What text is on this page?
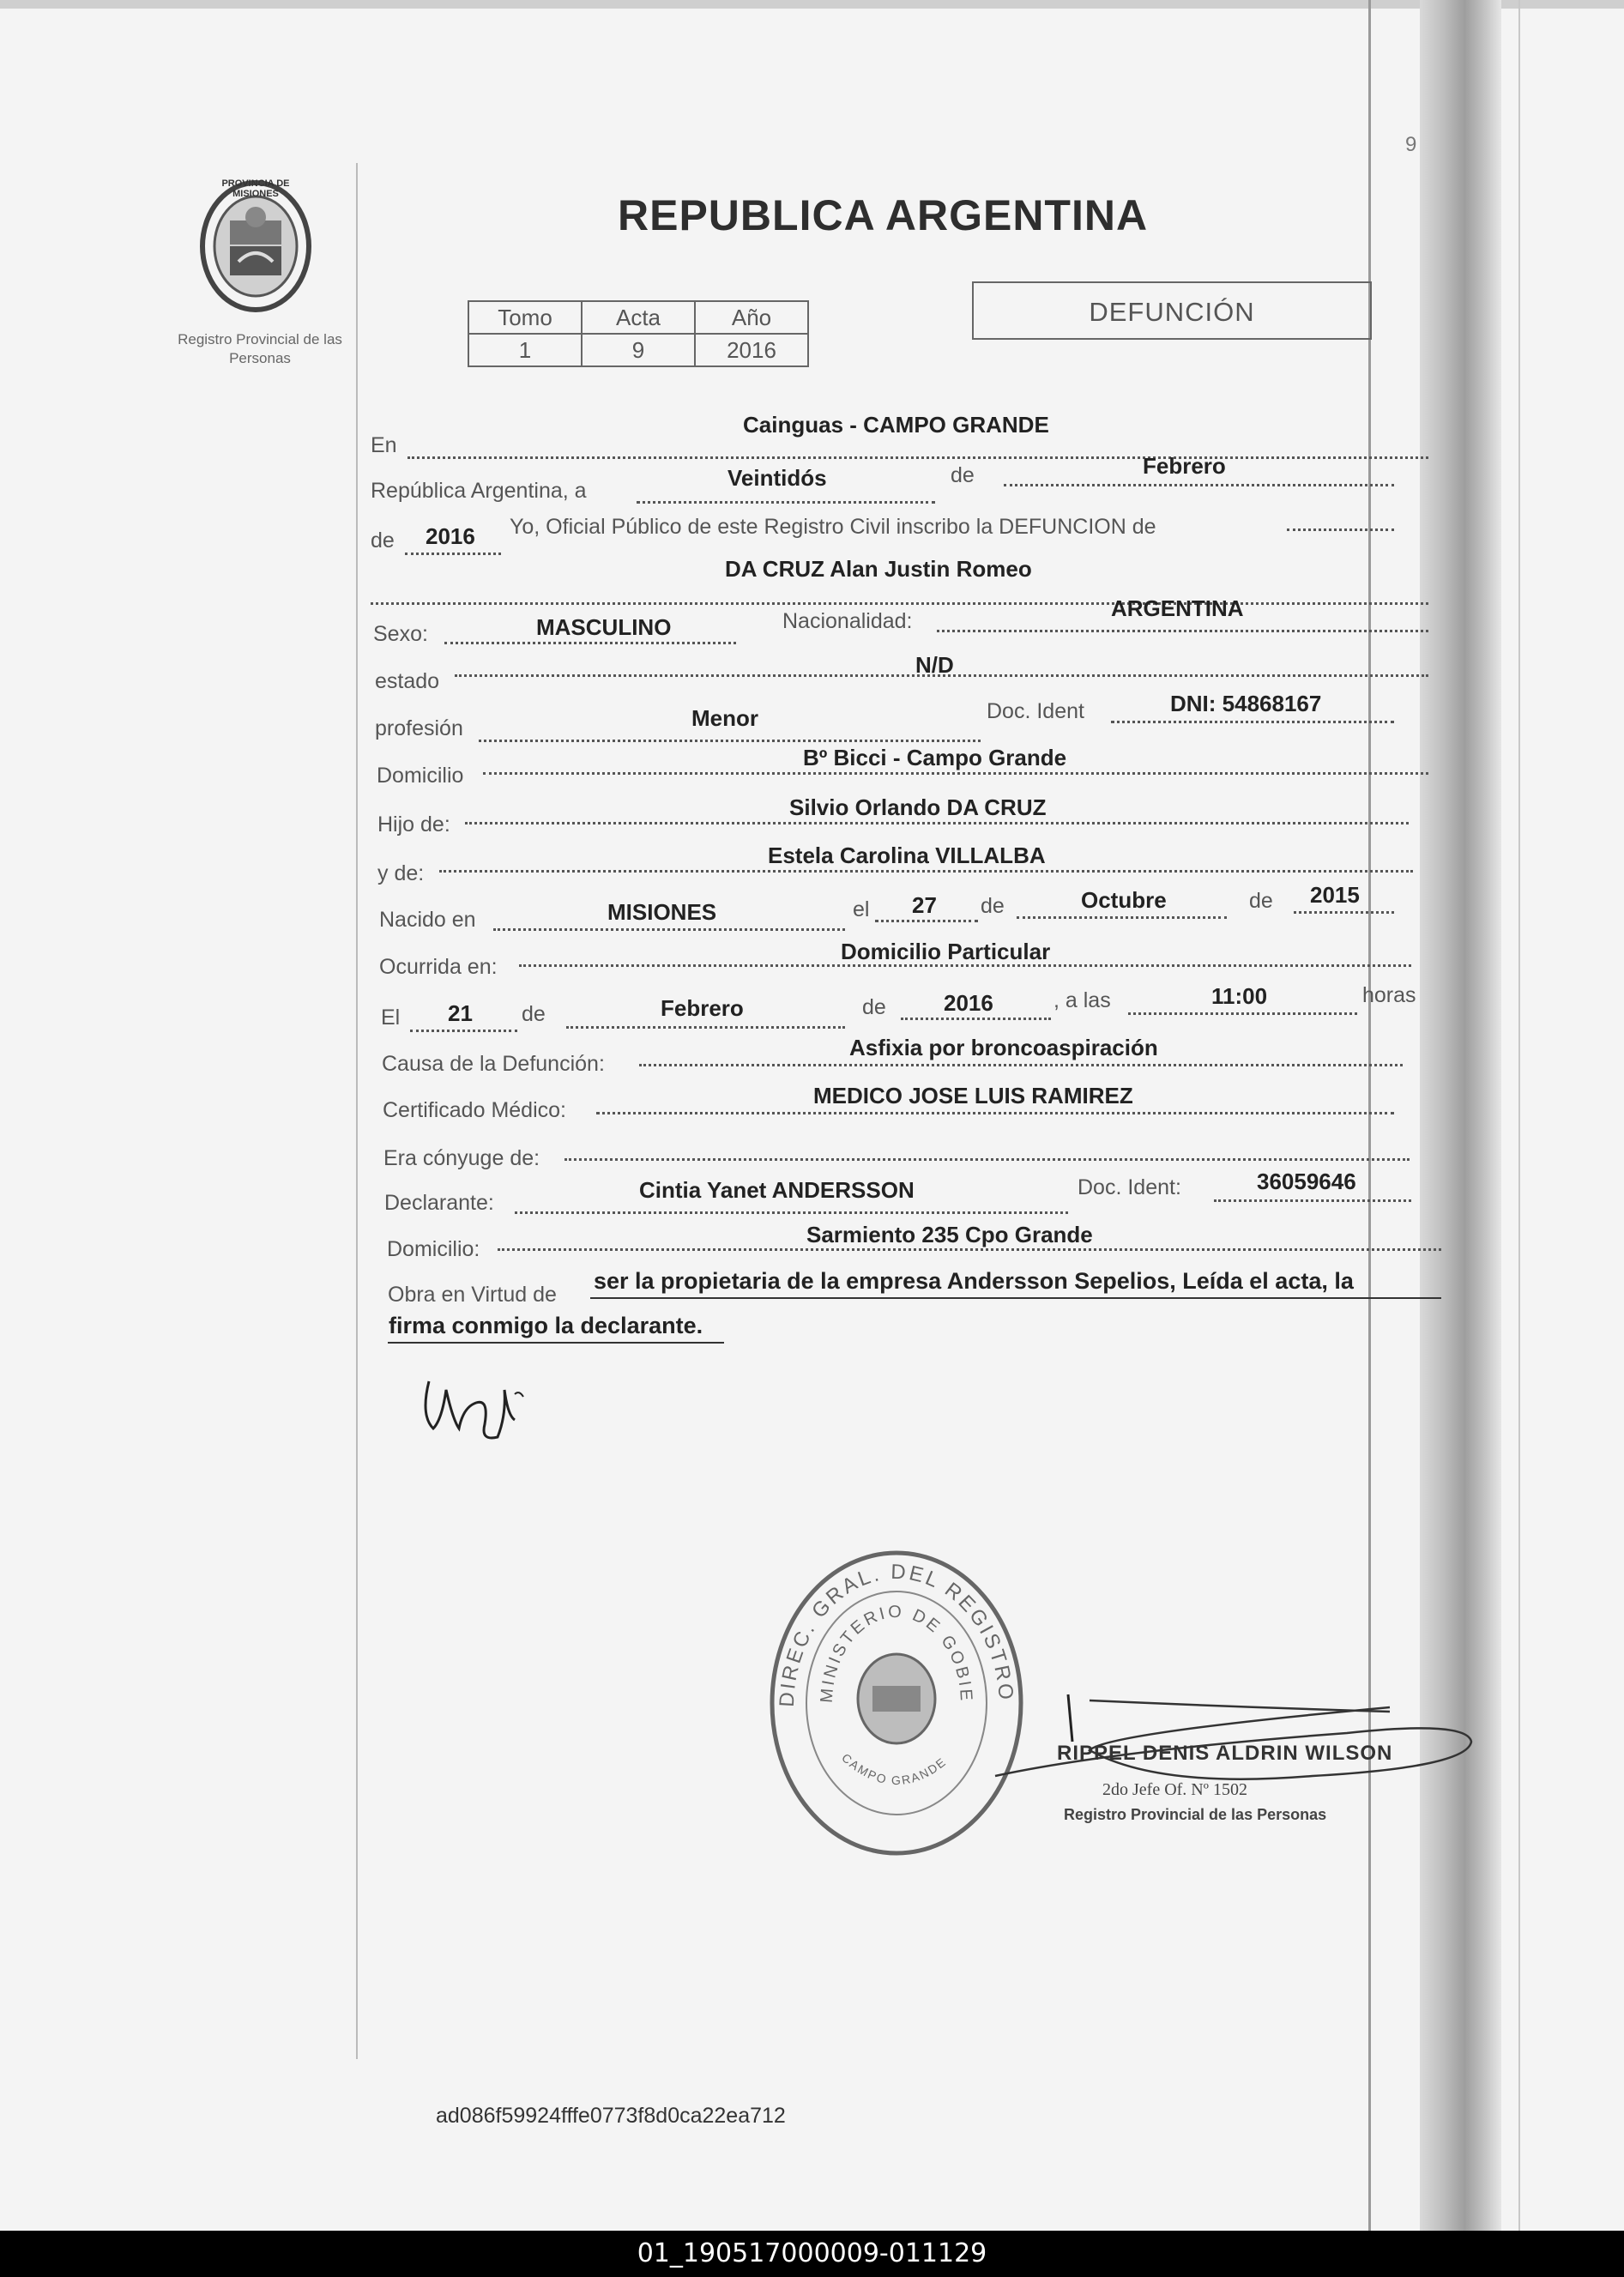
9
PROVINCIA DE MISIONES
Registro Provincial de las Personas
REPUBLICA ARGENTINA
Tomo	Acta	Año
1	9	2016
DEFUNCIÓN
En
Cainguas - CAMPO GRANDE
República Argentina, a	Veintidós	de	Febrero
de 2016 Yo, Oficial Público de este Registro Civil inscribo la DEFUNCION de
DA CRUZ Alan Justin Romeo
Sexo:	MASCULINO	Nacionalidad:	ARGENTINA
estado
N/D
profesión	Menor	Doc. Ident	DNI: 54868167
Domicilio
Bº Bicci - Campo Grande
Hijo de:
Silvio Orlando DA CRUZ
y de:
Estela Carolina VILLALBA
Nacido en	MISIONES	el 27 de	Octubre	de 2015
Ocurrida en:
Domicilio Particular
El 21 de	Febrero	de	2016	, a las	11:00	horas
Causa de la Defunción:
Asfixia por broncoaspiración
Certificado Médico:
MEDICO JOSE LUIS RAMIREZ
Era cónyuge de:
Declarante:	Cintia Yanet ANDERSSON	Doc. Ident:	36059646
Domicilio:
Sarmiento 235 Cpo Grande
Obra en Virtud de
ser la propietaria de la empresa Andersson Sepelios, Leída el acta, la
firma conmigo la declarante.
DIREC. GRAL. DEL REGISTRO
MINISTERIO DE GOBIE
CAMPO GRANDE	RIPPEL DENIS ALDRIN WILSON
2do Jefe Of. Nº 1502
Registro Provincial de las Personas
ad086f59924fffe0773f8d0ca22ea712
01_190517000009-011129
